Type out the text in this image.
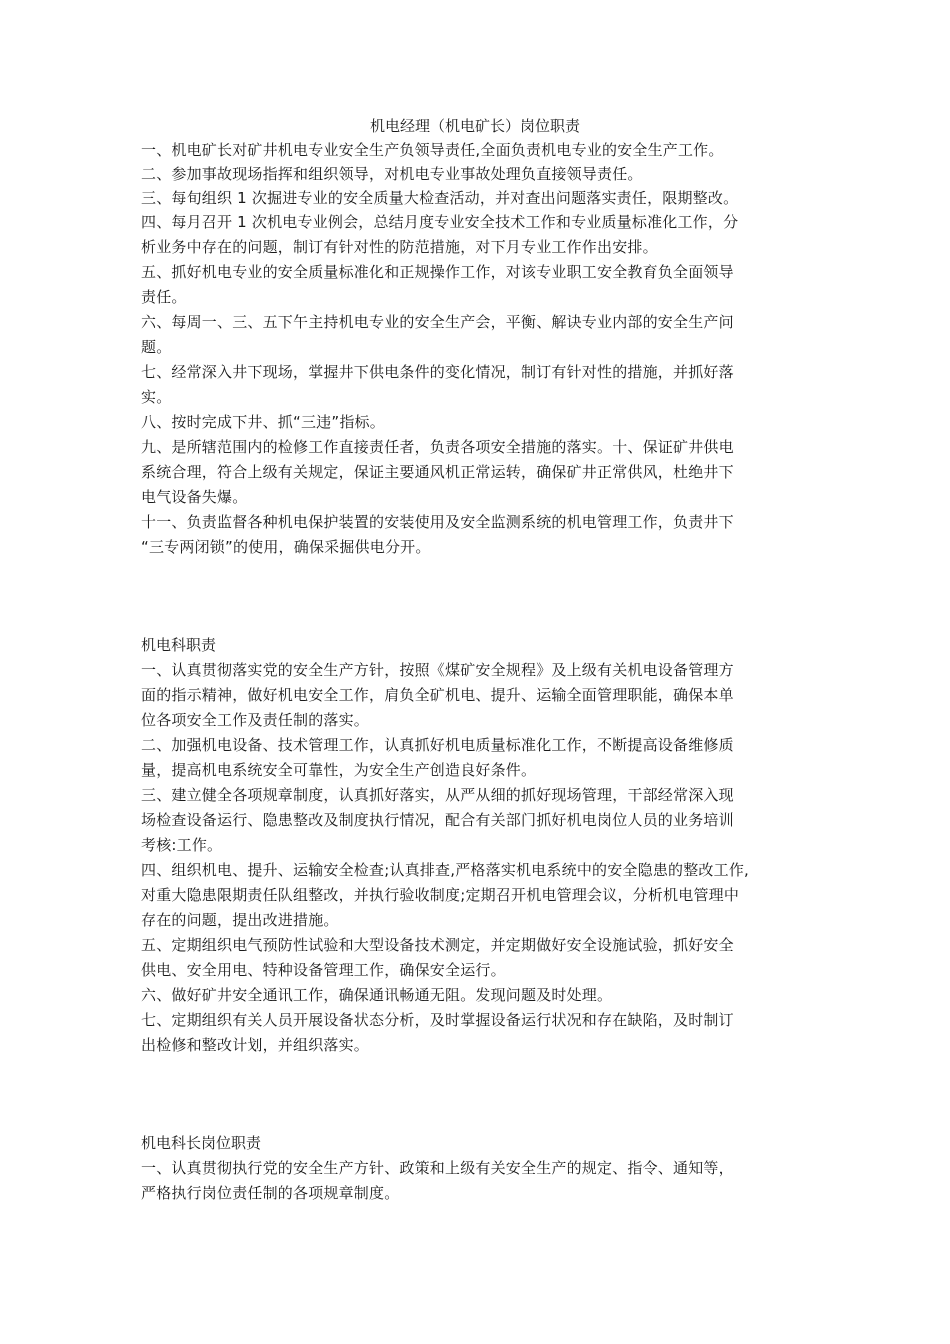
机电经理（机电矿长）岗位职责
一、机电矿长对矿井机电专业安全生产负领导责任,全面负责机电专业的安全生产工作。
二、参加事故现场指挥和组织领导，对机电专业事故处理负直接领导责任。
三、每旬组织 1 次掘进专业的安全质量大检查活动，并对查出问题落实责任，限期整改。
四、每月召开 1 次机电专业例会，总结月度专业安全技术工作和专业质量标准化工作，分
析业务中存在的问题，制订有针对性的防范措施，对下月专业工作作出安排。
五、抓好机电专业的安全质量标准化和正规操作工作，对该专业职工安全教育负全面领导
责任。
六、每周一、三、五下午主持机电专业的安全生产会，平衡、解诀专业内部的安全生产问
题。
七、经常深入井下现场，掌握井下供电条件的变化情况，制订有针对性的措施，并抓好落
实。
八、按时完成下井、抓“三违”指标。
九、是所辖范围内的检修工作直接责任者，负责各项安全措施的落实。十、保证矿井供电
系统合理，符合上级有关规定，保证主要通风机正常运转，确保矿井正常供风，杜绝井下
电气设备失爆。
十一、负责监督各种机电保护装置的安装使用及安全监测系统的机电管理工作，负责井下
“三专两闭锁”的使用，确保采掘供电分开。
机电科职责
一、认真贯彻落实党的安全生产方针，按照《煤矿安全规程》及上级有关机电设备管理方
面的指示精神，做好机电安全工作，肩负全矿机电、提升、运输全面管理职能，确保本单
位各项安全工作及责任制的落实。
二、加强机电设备、技术管理工作，认真抓好机电质量标准化工作，不断提高设备维修质
量，提高机电系统安全可靠性，为安全生产创造良好条件。
三、建立健全各项规章制度，认真抓好落实，从严从细的抓好现场管理，干部经常深入现
场检查设备运行、隐患整改及制度执行情况，配合有关部门抓好机电岗位人员的业务培训
考核:工作。
四、组织机电、提升、运输安全检查;认真排查,严格落实机电系统中的安全隐患的整改工作,
对重大隐患限期责任队组整改，并执行验收制度;定期召开机电管理会议，分析机电管理中
存在的问题，提出改进措施。
五、定期组织电气预防性试验和大型设备技术测定，并定期做好安全设施试验，抓好安全
供电、安全用电、特种设备管理工作，确保安全运行。
六、做好矿井安全通讯工作，确保通讯畅通无阻。发现问题及时处理。
七、定期组织有关人员开展设备状态分析，及时掌握设备运行状况和存在缺陷，及时制订
出检修和整改计划，并组织落实。
机电科长岗位职责
一、认真贯彻执行党的安全生产方针、政策和上级有关安全生产的规定、指令、通知等，
严格执行岗位责任制的各项规章制度。
